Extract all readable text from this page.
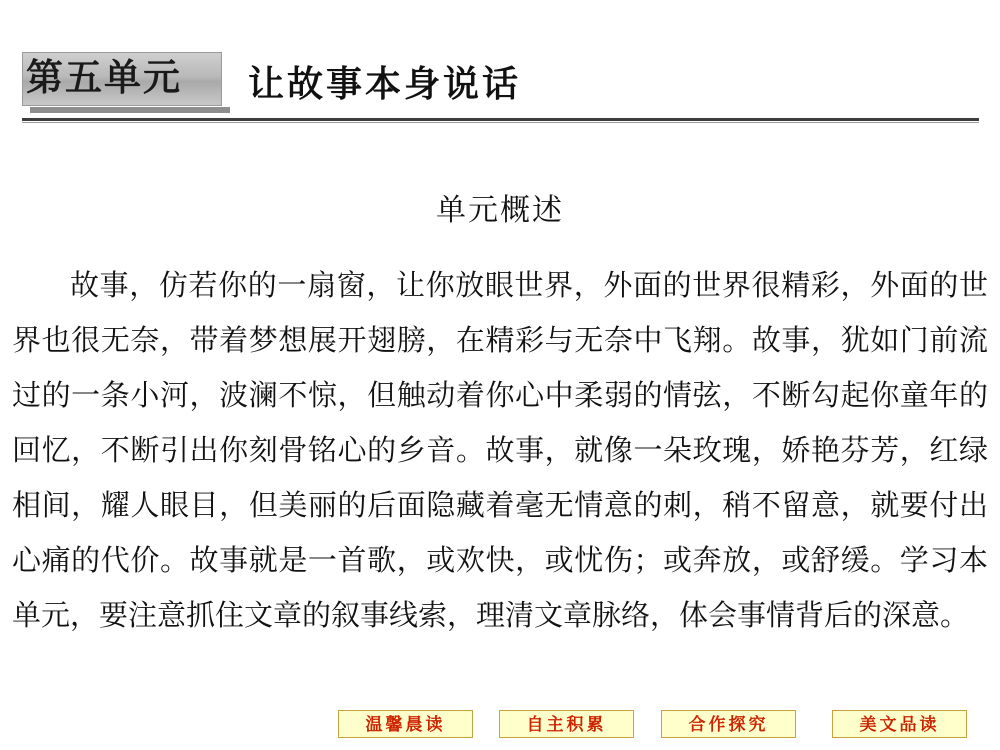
第五单元 让故事本身说话
单元概述
故事，仿若你的一扇窗，让你放眼世界，外面的世界很精彩，外面的世界也很无奈，带着梦想展开翅膀，在精彩与无奈中飞翔。故事，犹如门前流过的一条小河，波澜不惊，但触动着你心中柔弱的情弦，不断勾起你童年的回忆，不断引出你刻骨铭心的乡音。故事，就像一朵玫瑰，娇艳芬芳，红绿相间，耀人眼目，但美丽的后面隐藏着毫无情意的刺，稍不留意，就要付出心痛的代价。故事就是一首歌，或欢快，或忧伤；或奔放，或舒缓。学习本单元，要注意抓住文章的叙事线索，理清文章脉络，体会事情背后的深意。
温馨晨读	自主积累	合作探究	美文品读
